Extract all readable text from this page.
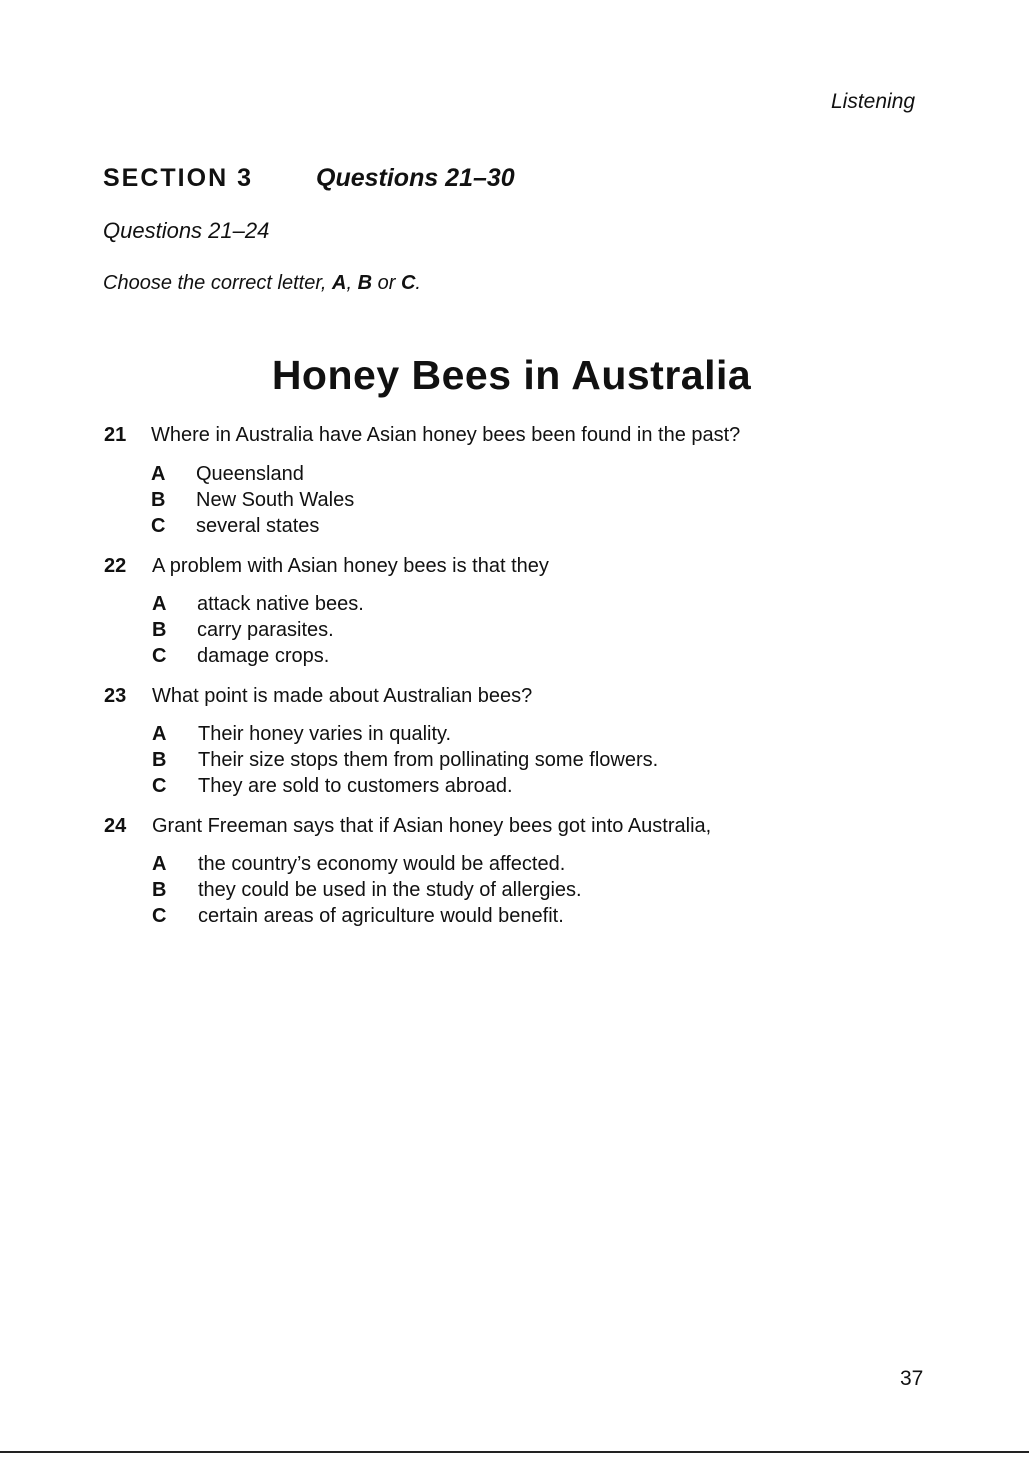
Listening
SECTION 3	Questions 21–30
Questions 21–24
Choose the correct letter, A, B or C.
Honey Bees in Australia
21 Where in Australia have Asian honey bees been found in the past?
A Queensland
B New South Wales
C several states
22 A problem with Asian honey bees is that they
A attack native bees.
B carry parasites.
C damage crops.
23 What point is made about Australian bees?
A Their honey varies in quality.
B Their size stops them from pollinating some flowers.
C They are sold to customers abroad.
24 Grant Freeman says that if Asian honey bees got into Australia,
A the country’s economy would be affected.
B they could be used in the study of allergies.
C certain areas of agriculture would benefit.
37
